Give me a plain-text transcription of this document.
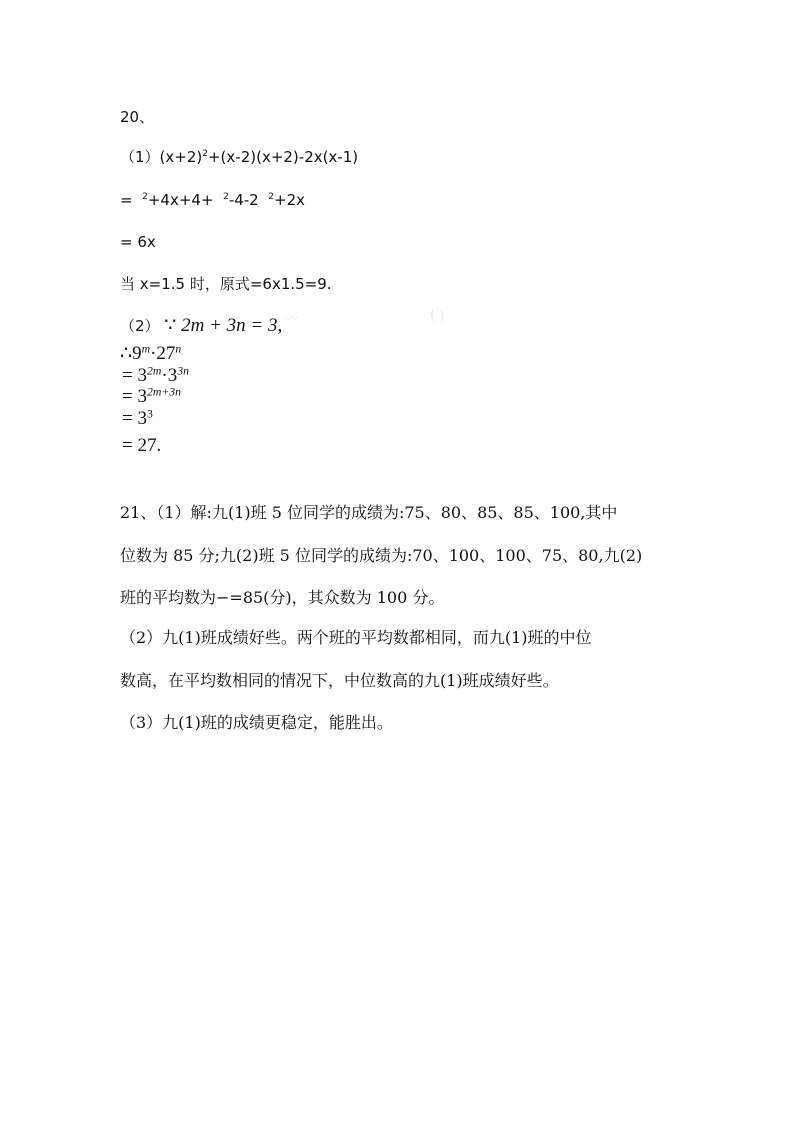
20、
$(1)(x+2)^2+(x-2)(x+2)-2x(x-1)$
= $^2$+4x+4+ $^2$-4-2 $^2$+2x
= 6x
当 x=1.5 时，原式=6x1.5=9.
（2） ∵ 2m + 3n = 3,
$\therefore 9^m\cdot 27^n$
= $3^{2m}\cdot 3^{3n}$
= $3^{2m+3n}$
= $3^3$
= 27.
〰	( )
21、（1）解:九(1)班 5 位同学的成绩为:75、80、85、85、100,其中
位数为 85 分;九(2)班 5 位同学的成绩为:70、100、100、75、80,九(2)
班的平均数为−=85(分)，其众数为 100 分。
（2）九(1)班成绩好些。两个班的平均数都相同，而九(1)班的中位
数高，在平均数相同的情况下，中位数高的九(1)班成绩好些。
（3）九(1)班的成绩更稳定，能胜出。
